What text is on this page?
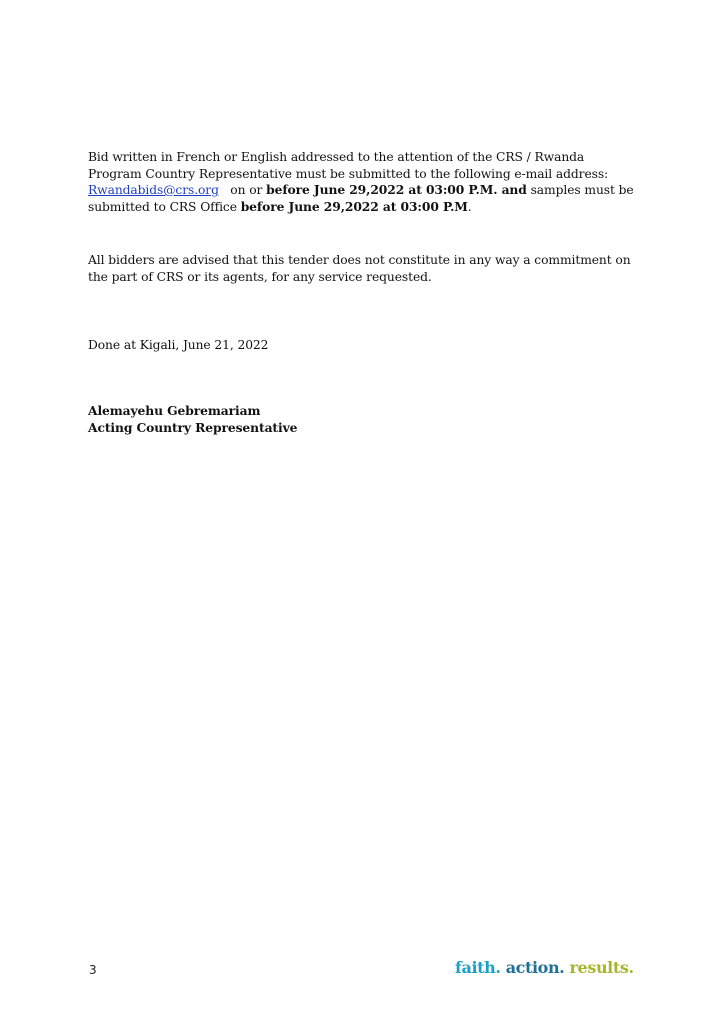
Bid written in French or English addressed to the attention of the CRS / Rwanda
Program Country Representative must be submitted to the following e-mail address:
Rwandabids@crs.org   on or before June 29,2022 at 03:00 P.M. and samples must be
submitted to CRS Office before June 29,2022 at 03:00 P.M.

All bidders are advised that this tender does not constitute in any way a commitment on the part of CRS or its agents, for any service requested.

Done at Kigali, June 21, 2022

Alemayehu Gebremariam
Acting Country Representative
3	faith. action. results.
